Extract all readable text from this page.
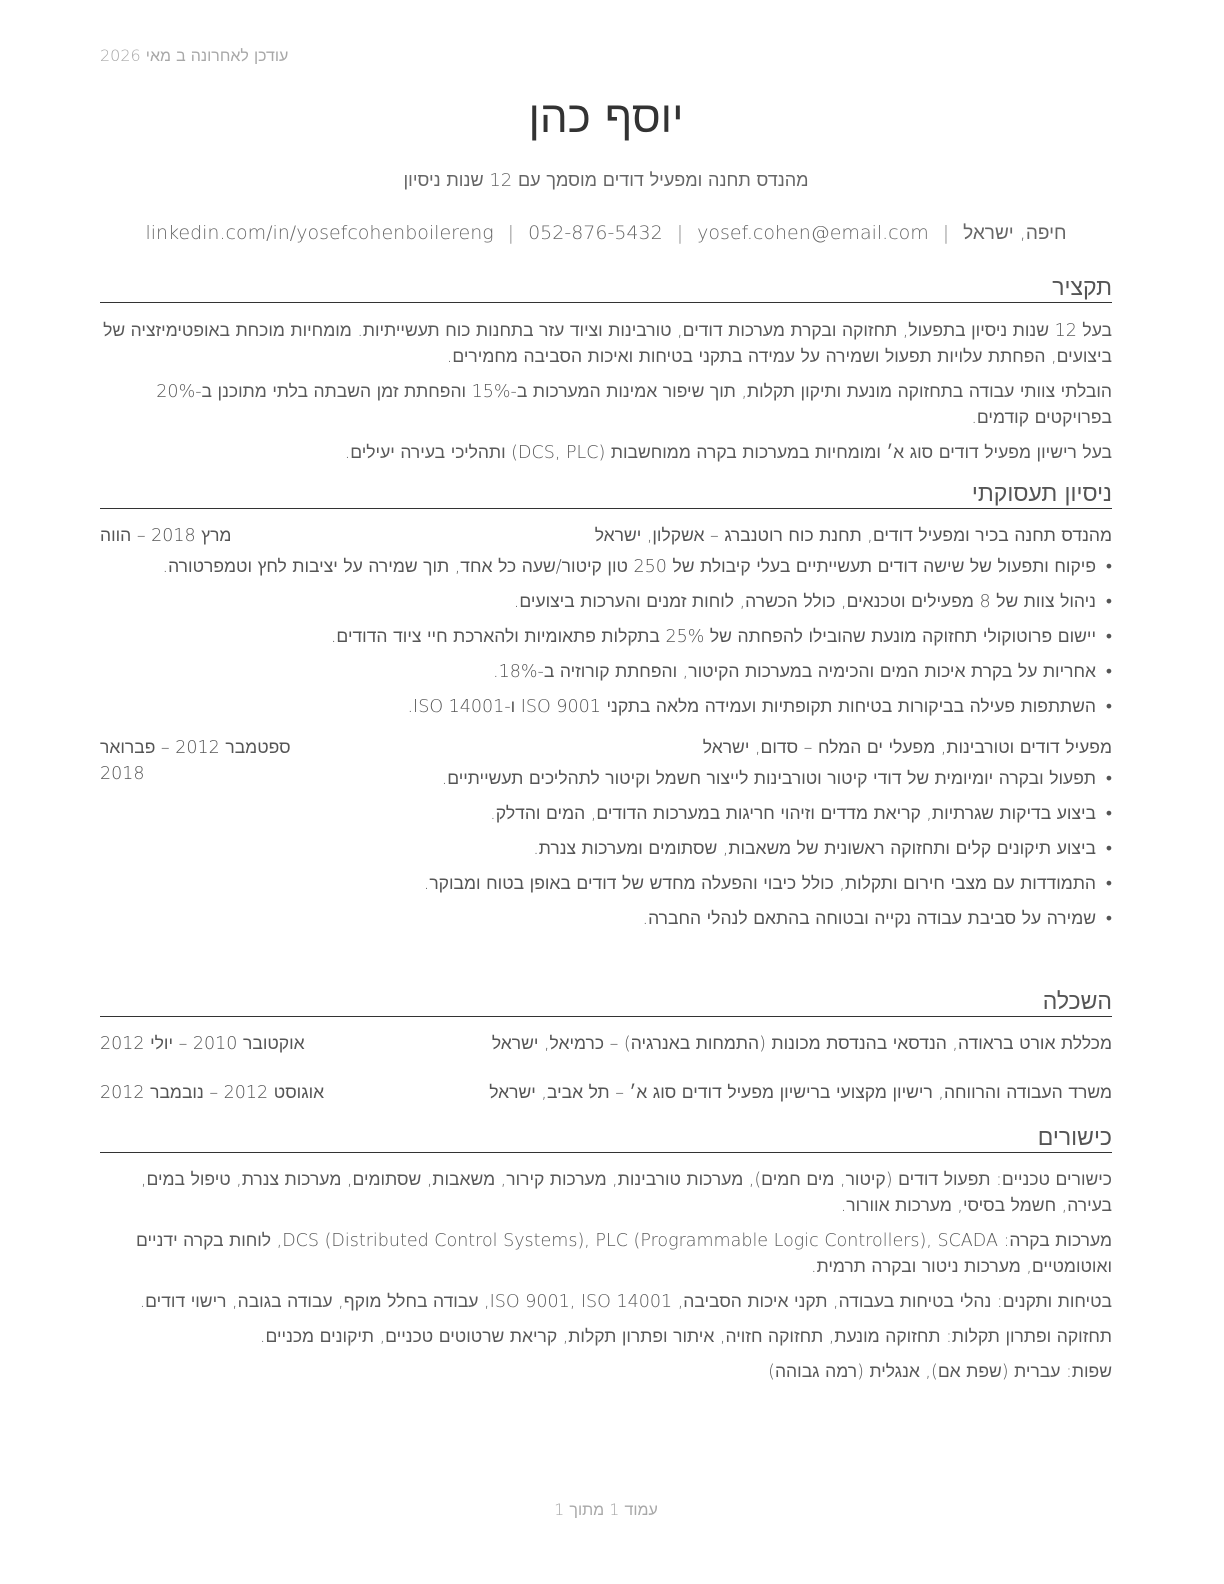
עודכן לאחרונה ב מאי 2026
יוסף כהן
מהנדס תחנה ומפעיל דודים מוסמך עם 12 שנות ניסיון
חיפה, ישראל|yosef.cohen@email.com|052-876-5432|linkedin.com/in/yosefcohenboilereng
תקציר

בעל 12 שנות ניסיון בתפעול, תחזוקה ובקרת מערכות דודים, טורבינות וציוד עזר בתחנות כוח תעשייתיות. מומחיות מוכחת באופטימיזציה של ביצועים, הפחתת עלויות תפעול ושמירה על עמידה בתקני בטיחות ואיכות הסביבה מחמירים.

הובלתי צוותי עבודה בתחזוקה מונעת ותיקון תקלות, תוך שיפור אמינות המערכות ב-15% והפחתת זמן השבתה בלתי מתוכנן ב-20% בפרויקטים קודמים.

בעל רישיון מפעיל דודים סוג א׳ ומומחיות במערכות בקרה ממוחשבות (DCS, PLC) ותהליכי בעירה יעילים.

ניסיון תעסוקתי
מהנדס תחנה בכיר ומפעיל דודים, תחנת כוח רוטנברג – אשקלון, ישראל
מרץ 2018 – הווה
• פיקוח ותפעול של שישה דודים תעשייתיים בעלי קיבולת של 250 טון קיטור/שעה כל אחד, תוך שמירה על יציבות לחץ וטמפרטורה.
• ניהול צוות של 8 מפעילים וטכנאים, כולל הכשרה, לוחות זמנים והערכות ביצועים.
• יישום פרוטוקולי תחזוקה מונעת שהובילו להפחתה של 25% בתקלות פתאומיות ולהארכת חיי ציוד הדודים.
• אחריות על בקרת איכות המים והכימיה במערכות הקיטור, והפחתת קורוזיה ב-18%.
• השתתפות פעילה בביקורות בטיחות תקופתיות ועמידה מלאה בתקני ISO 9001 ו-ISO 14001.
מפעיל דודים וטורבינות, מפעלי ים המלח – סדום, ישראל
ספטמבר 2012 – פברואר 2018
•	תפעול ובקרה יומיומית של דודי קיטור וטורבינות לייצור חשמל וקיטור לתהליכים תעשייתיים.
• ביצוע בדיקות שגרתיות, קריאת מדדים וזיהוי חריגות במערכות הדודים, המים והדלק.
• ביצוע תיקונים קלים ותחזוקה ראשונית של משאבות, שסתומים ומערכות צנרת.
• התמודדות עם מצבי חירום ותקלות, כולל כיבוי והפעלה מחדש של דודים באופן בטוח ומבוקר.
• שמירה על סביבת עבודה נקייה ובטוחה בהתאם לנהלי החברה.
השכלה
מכללת אורט בראודה, הנדסאי בהנדסת מכונות (התמחות באנרגיה) – כרמיאל, ישראל
אוקטובר 2010 – יולי 2012
משרד העבודה והרווחה, רישיון מקצועי ברישיון מפעיל דודים סוג א׳ – תל אביב, ישראל
אוגוסט 2012 – נובמבר 2012
כישורים

כישורים טכניים: תפעול דודים (קיטור, מים חמים), מערכות טורבינות, מערכות קירור, משאבות, שסתומים, מערכות צנרת, טיפול במים, בעירה, חשמל בסיסי, מערכות אוורור.

מערכות בקרה: DCS (Distributed Control Systems), PLC (Programmable Logic Controllers), SCADA, לוחות בקרה ידניים ואוטומטיים, מערכות ניטור ובקרה תרמית.

בטיחות ותקנים: נהלי בטיחות בעבודה, תקני איכות הסביבה, ISO 9001, ISO 14001, עבודה בחלל מוקף, עבודה בגובה, רישוי דודים.

תחזוקה ופתרון תקלות: תחזוקה מונעת, תחזוקה חזויה, איתור ופתרון תקלות, קריאת שרטוטים טכניים, תיקונים מכניים.

שפות: עברית (שפת אם), אנגלית (רמה גבוהה)

עמוד 1 מתוך 1
